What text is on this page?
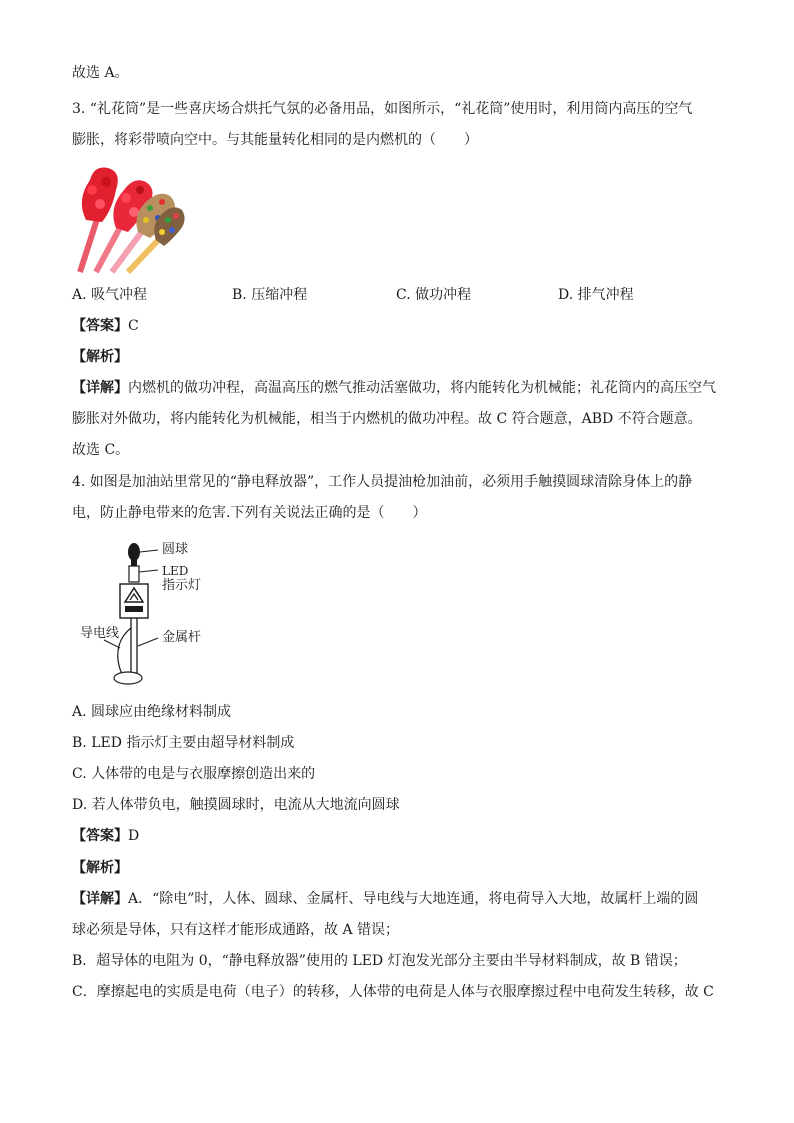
故选 A。
3. “礼花筒”是一些喜庆场合烘托气氛的必备用品，如图所示，“礼花筒”使用时，利用筒内高压的空气
膨胀，将彩带喷向空中。与其能量转化相同的是内燃机的（　　）
A. 吸气冲程	B. 压缩冲程	C. 做功冲程	D. 排气冲程
【答案】C
【解析】
【详解】内燃机的做功冲程，高温高压的燃气推动活塞做功，将内能转化为机械能；礼花筒内的高压空气
膨胀对外做功，将内能转化为机械能，相当于内燃机的做功冲程。故 C 符合题意，ABD 不符合题意。
故选 C。
4. 如图是加油站里常见的“静电释放器”，工作人员提油枪加油前，必须用手触摸圆球清除身体上的静
电，防止静电带来的危害.下列有关说法正确的是（　　）
圆球
LED
指示灯
导电线	金属杆
A. 圆球应由绝缘材料制成
B. LED 指示灯主要由超导材料制成
C. 人体带的电是与衣服摩擦创造出来的
D. 若人体带负电，触摸圆球时，电流从大地流向圆球
【答案】D
【解析】
【详解】A．“除电”时，人体、圆球、金属杆、导电线与大地连通，将电荷导入大地，故属杆上端的圆
球必须是导体，只有这样才能形成通路，故 A 错误；
B．超导体的电阻为 0，“静电释放器”使用的 LED 灯泡发光部分主要由半导材料制成，故 B 错误；
C．摩擦起电的实质是电荷（电子）的转移，人体带的电荷是人体与衣服摩擦过程中电荷发生转移，故 C
